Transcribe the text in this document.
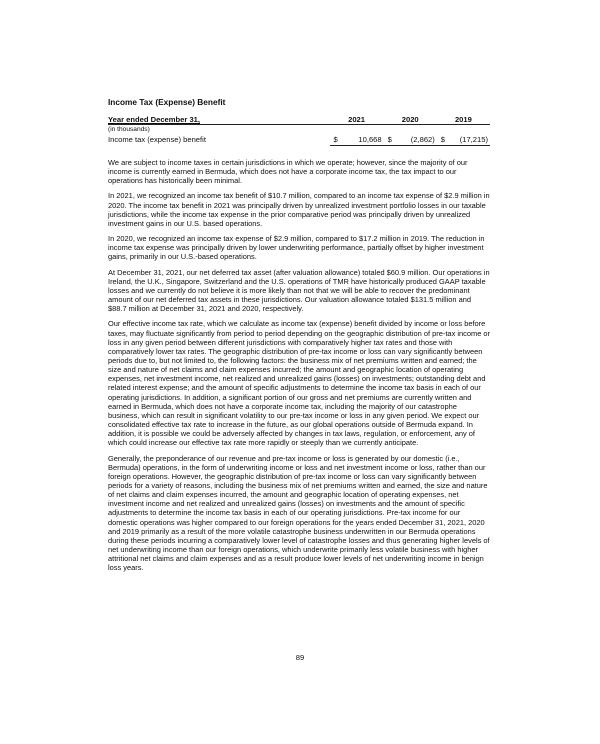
Income Tax (Expense) Benefit
Year ended December 31,	2021		2020		2019	
(in thousands)						
Income tax (expense) benefit	$	10,668	$	(2,862)	$	(17,215)

We are subject to income taxes in certain jurisdictions in which we operate; however, since the majority of our income is currently earned in Bermuda, which does not have a corporate income tax, the tax impact to our operations has historically been minimal.

In 2021, we recognized an income tax benefit of $10.7 million, compared to an income tax expense of $2.9 million in 2020. The income tax benefit in 2021 was principally driven by unrealized investment portfolio losses in our taxable jurisdictions, while the income tax expense in the prior comparative period was principally driven by unrealized investment gains in our U.S. based operations.

In 2020, we recognized an income tax expense of $2.9 million, compared to $17.2 million in 2019. The reduction in income tax expense was principally driven by lower underwriting performance, partially offset by higher investment gains, primarily in our U.S.-based operations.

At December 31, 2021, our net deferred tax asset (after valuation allowance) totaled $60.9 million. Our operations in Ireland, the U.K., Singapore, Switzerland and the U.S. operations of TMR have historically produced GAAP taxable losses and we currently do not believe it is more likely than not that we will be able to recover the predominant amount of our net deferred tax assets in these jurisdictions. Our valuation allowance totaled $131.5 million and $88.7 million at December 31, 2021 and 2020, respectively.

Our effective income tax rate, which we calculate as income tax (expense) benefit divided by income or loss before taxes, may fluctuate significantly from period to period depending on the geographic distribution of pre-tax income or loss in any given period between different jurisdictions with comparatively higher tax rates and those with comparatively lower tax rates. The geographic distribution of pre-tax income or loss can vary significantly between periods due to, but not limited to, the following factors: the business mix of net premiums written and earned; the size and nature of net claims and claim expenses incurred; the amount and geographic location of operating expenses, net investment income, net realized and unrealized gains (losses) on investments; outstanding debt and related interest expense; and the amount of specific adjustments to determine the income tax basis in each of our operating jurisdictions. In addition, a significant portion of our gross and net premiums are currently written and earned in Bermuda, which does not have a corporate income tax, including the majority of our catastrophe business, which can result in significant volatility to our pre-tax income or loss in any given period. We expect our consolidated effective tax rate to increase in the future, as our global operations outside of Bermuda expand. In addition, it is possible we could be adversely affected by changes in tax laws, regulation, or enforcement, any of which could increase our effective tax rate more rapidly or steeply than we currently anticipate.

Generally, the preponderance of our revenue and pre-tax income or loss is generated by our domestic (i.e., Bermuda) operations, in the form of underwriting income or loss and net investment income or loss, rather than our foreign operations. However, the geographic distribution of pre-tax income or loss can vary significantly between periods for a variety of reasons, including the business mix of net premiums written and earned, the size and nature of net claims and claim expenses incurred, the amount and geographic location of operating expenses, net investment income and net realized and unrealized gains (losses) on investments and the amount of specific adjustments to determine the income tax basis in each of our operating jurisdictions. Pre-tax income for our domestic operations was higher compared to our foreign operations for the years ended December 31, 2021, 2020 and 2019 primarily as a result of the more volatile catastrophe business underwritten in our Bermuda operations during these periods incurring a comparatively lower level of catastrophe losses and thus generating higher levels of net underwriting income than our foreign operations, which underwrite primarily less volatile business with higher attritional net claims and claim expenses and as a result produce lower levels of net underwriting income in benign loss years.

89
